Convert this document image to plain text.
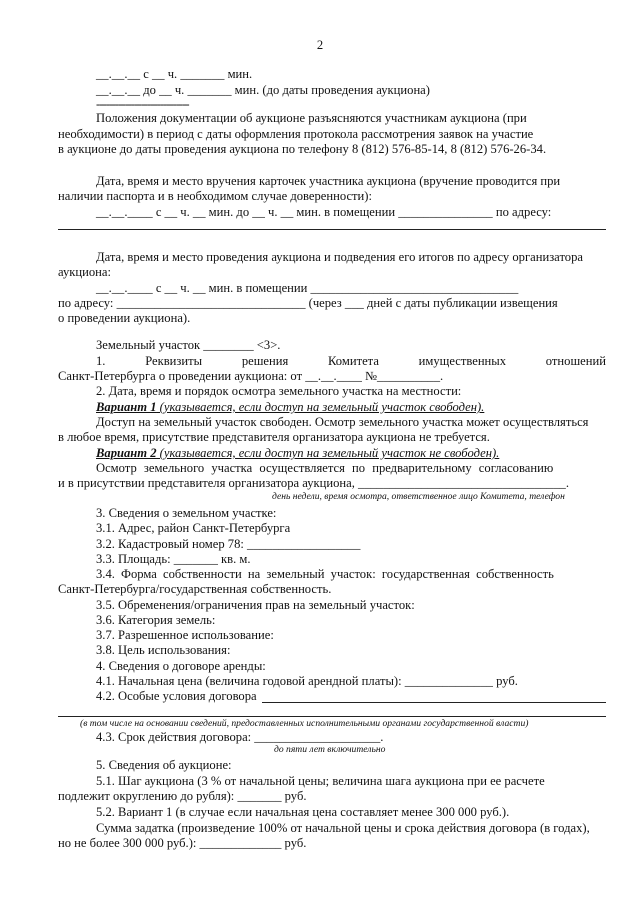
2
__.__.__ с __ ч. _______ мин.
__.__.__ до __ ч. _______ мин. (до даты проведения аукциона)
-----------------------------
Положения документации об аукционе разъясняются участникам аукциона (при
необходимости) в период с даты оформления протокола рассмотрения заявок на участие
в аукционе до даты проведения аукциона по телефону 8 (812) 576-85-14, 8 (812) 576-26-34.
Дата, время и место вручения карточек участника аукциона (вручение проводится при
наличии паспорта и в необходимом случае доверенности):
__.__.____ с __ ч. __ мин. до __ ч. __ мин. в помещении _______________ по адресу:
Дата, время и место проведения аукциона и подведения его итогов по адресу организатора
аукциона:
__.__.____ с __ ч. __ мин. в помещении _________________________________
по адресу: ______________________________ (через ___ дней с даты публикации извещения
о проведении аукциона).
Земельный участок ________ <3>.
1.	Реквизиты	решения	Комитета	имущественных	отношений
Санкт-Петербурга о проведении аукциона: от __.__.____ №__________.
2. Дата, время и порядок осмотра земельного участка на местности:
Вариант 1 (указывается, если доступ на земельный участок свободен).
Доступ на земельный участок свободен. Осмотр земельного участка может осуществляться
в любое время, присутствие представителя организатора аукциона не требуется.
Вариант 2 (указывается, если доступ на земельный участок не свободен).
Осмотр земельного участка осуществляется по предварительному согласованию
и в присутствии представителя организатора аукциона, _________________________________.
день недели, время осмотра, ответственное лицо Комитета, телефон
3. Сведения о земельном участке:
3.1. Адрес, район Санкт-Петербурга
3.2. Кадастровый номер 78: __________________
3.3. Площадь: _______ кв. м.
3.4. Форма собственности на земельный участок: государственная собственность
Санкт-Петербурга/государственная собственность.
3.5. Обременения/ограничения прав на земельный участок:
3.6. Категория земель:
3.7. Разрешенное использование:
3.8. Цель использования:
4. Сведения о договоре аренды:
4.1. Начальная цена (величина годовой арендной платы): ______________ руб.
4.2. Особые условия договора
(в том числе на основании сведений, предоставленных исполнительными органами государственной власти)
4.3. Срок действия договора: ____________________.
до пяти лет включительно
5. Сведения об аукционе:
5.1. Шаг аукциона (3 % от начальной цены; величина шага аукциона при ее расчете
подлежит округлению до рубля): _______ руб.
5.2. Вариант 1 (в случае если начальная цена составляет менее 300 000 руб.).
Сумма задатка (произведение 100% от начальной цены и срока действия договора (в годах),
но не более 300 000 руб.): _____________ руб.
